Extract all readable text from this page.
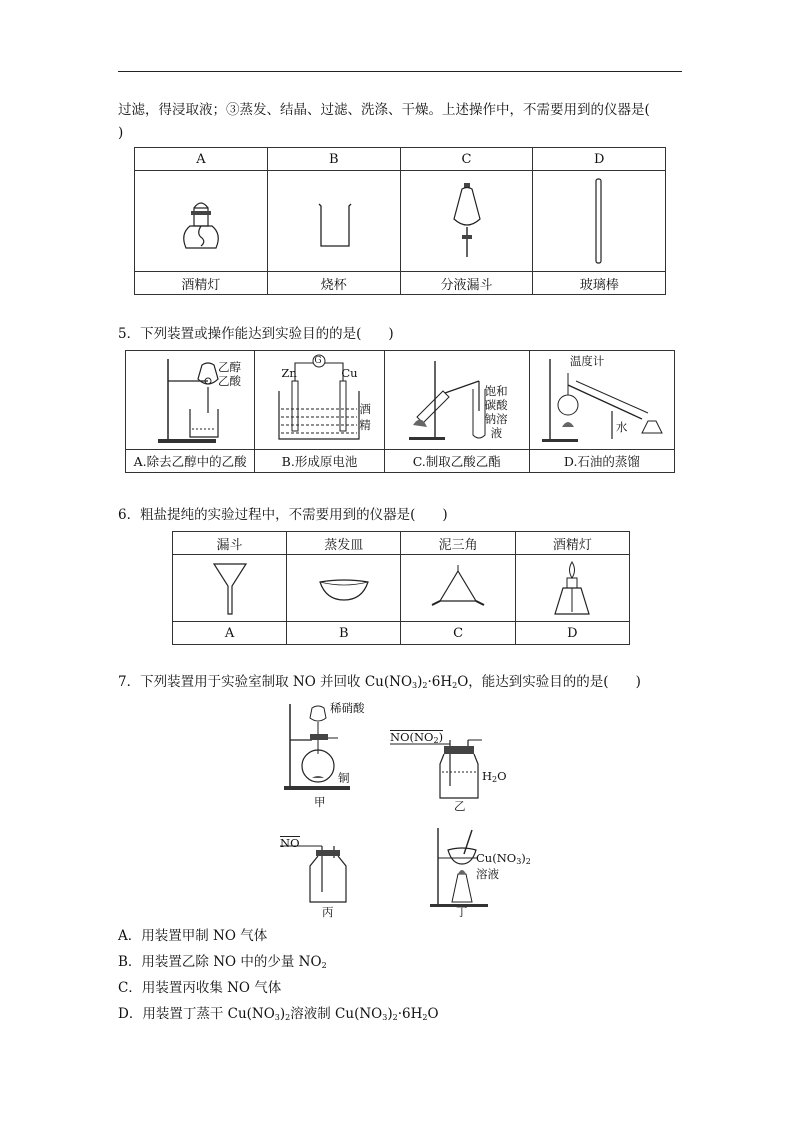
过滤，得浸取液；③蒸发、结晶、过滤、洗涤、干燥。上述操作中，不需要用到的仪器是(
)
A	B	C	D

酒精灯	烧杯	分液漏斗	玻璃棒
5．下列装置或操作能达到实验目的的是(　　)
乙醇
乙酸	G
Zn Cu
酒
精	饱和
碳酸
钠溶
液	温度计
水

A.除去乙醇中的乙酸	B.形成原电池	C.制取乙酸乙酯	D.石油的蒸馏
6．粗盐提纯的实验过程中，不需要用到的仪器是(　　)
漏斗	蒸发皿	泥三角	酒精灯

A	B	C	D
7．下列装置用于实验室制取 NO 并回收 $Cu(NO_3)_2\cdot 6H_2O$，能达到实验目的的是(　　)
稀硝酸
铜
甲
$NO(NO_2)$
$H_2O$
乙
NO
丙
$Cu(NO_3)_2$
溶液
丁
A．用装置甲制 NO 气体
B．用装置乙除 NO 中的少量 $NO_2$
C．用装置丙收集 NO 气体
D．用装置丁蒸干 $Cu(NO_3)_2$溶液制 $Cu(NO_3)_2\cdot 6H_2O$
